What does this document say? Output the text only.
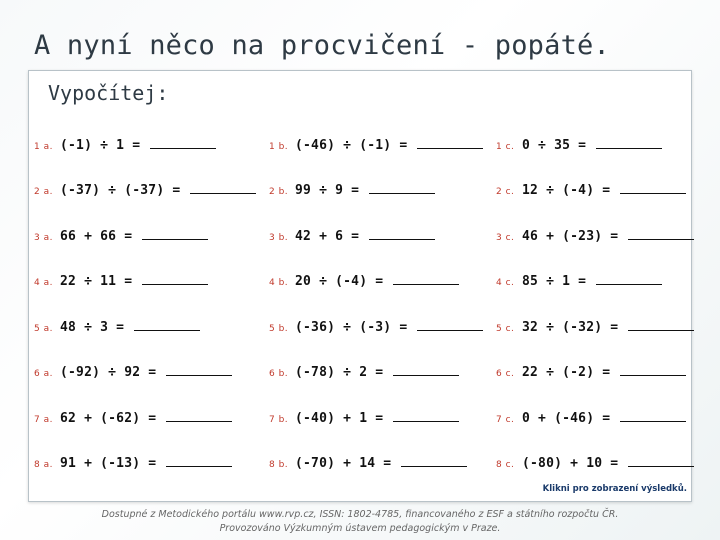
A nyní něco na procvičení - popáté.
Vypočítej:
1 a. (-1) ÷ 1 =	1 b. (-46) ÷ (-1) =	1 c. 0 ÷ 35 =
2 a. (-37) ÷ (-37) =	2 b. 99 ÷ 9 =	2 c. 12 ÷ (-4) =
3 a. 66 + 66 =	3 b. 42 + 6 =	3 c. 46 + (-23) =
4 a. 22 ÷ 11 =	4 b. 20 ÷ (-4) =	4 c. 85 ÷ 1 =
5 a. 48 ÷ 3 =	5 b. (-36) ÷ (-3) =	5 c. 32 ÷ (-32) =
6 a. (-92) ÷ 92 =	6 b. (-78) ÷ 2 =	6 c. 22 ÷ (-2) =
7 a. 62 + (-62) =	7 b. (-40) + 1 =	7 c. 0 + (-46) =
8 a. 91 + (-13) =	8 b. (-70) + 14 =	8 c. (-80) + 10 =
Klikni pro zobrazení výsledků.
Dostupné z Metodického portálu www.rvp.cz, ISSN: 1802-4785, financovaného z ESF a státního rozpočtu ČR.
Provozováno Výzkumným ústavem pedagogickým v Praze.
